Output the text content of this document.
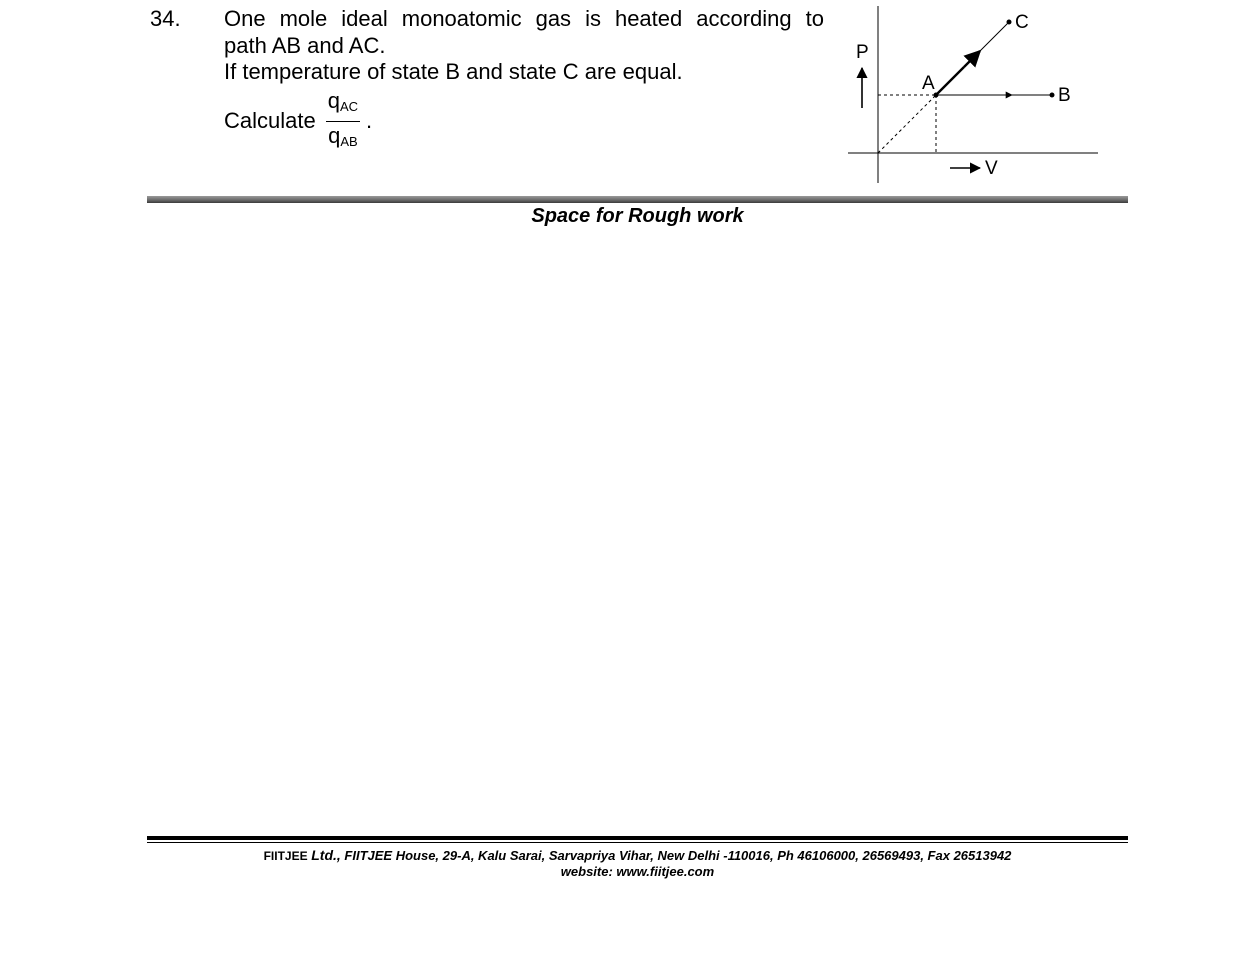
34. One mole ideal monoatomic gas is heated according to
path AB and AC.
If temperature of state B and state C are equal.
Calculate $\frac{q_{AC}}{q_{AB}}$ .
P
V
A
B
C
Space for Rough work
FIITJEE Ltd., FIITJEE House, 29-A, Kalu Sarai, Sarvapriya Vihar, New Delhi -110016, Ph 46106000, 26569493, Fax 26513942
website: www.fiitjee.com
